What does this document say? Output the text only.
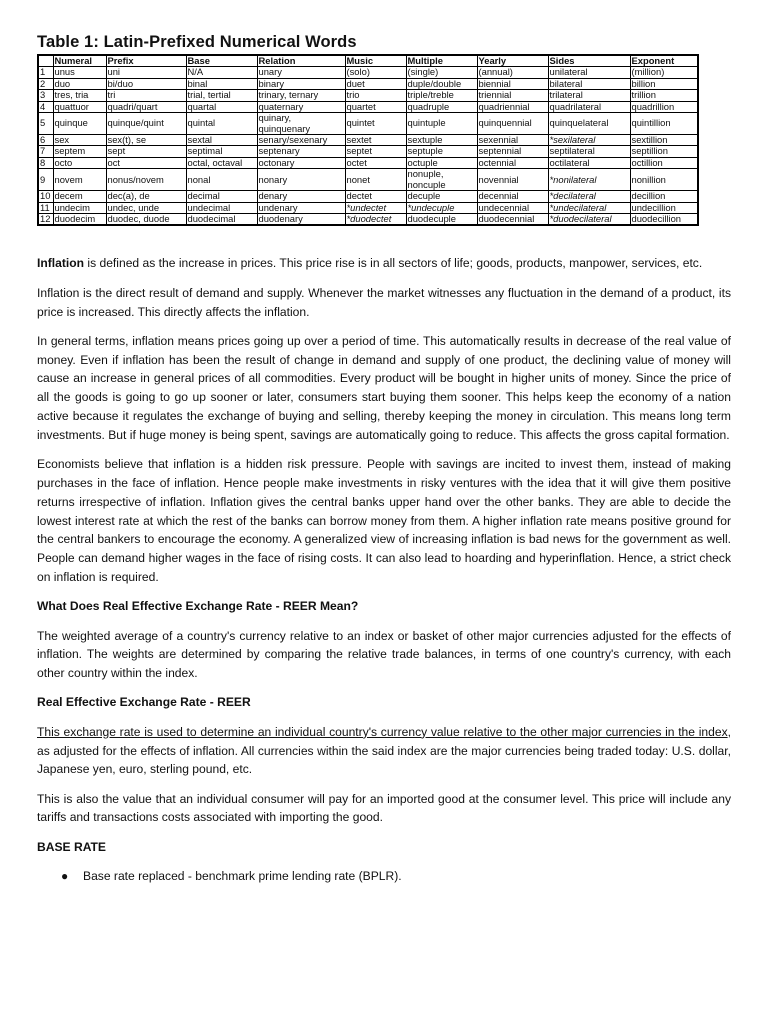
Table 1: Latin-Prefixed Numerical Words
	Numeral	Prefix	Base	Relation	Music	Multiple	Yearly	Sides	Exponent
1	unus	uni	N/A	unary	(solo)	(single)	(annual)	unilateral	(million)
2	duo	bi/duo	binal	binary	duet	duple/double	biennial	bilateral	billion
3	tres, tria	tri	trial, tertial	trinary, ternary	trio	triple/treble	triennial	trilateral	trillion
4	quattuor	quadri/quart	quartal	quaternary	quartet	quadruple	quadriennial	quadrilateral	quadrillion
5	quinque	quinque/quint	quintal	quinary, quinquenary	quintet	quintuple	quinquennial	quinquelateral	quintillion
6	sex	sex(t), se	sextal	senary/sexenary	sextet	sextuple	sexennial	*sexilateral	sextillion
7	septem	sept	septimal	septenary	septet	septuple	septennial	septilateral	septillion
8	octo	oct	octal, octaval	octonary	octet	octuple	octennial	octilateral	octillion
9	novem	nonus/novem	nonal	nonary	nonet	nonuple, noncuple	novennial	*nonilateral	nonillion
10	decem	dec(a), de	decimal	denary	dectet	decuple	decennial	*decilateral	decillion
11	undecim	undec, unde	undecimal	undenary	*undectet	*undecuple	undecennial	*undecilateral	undecillion
12	duodecim	duodec, duode	duodecimal	duodenary	*duodectet	duodecuple	duodecennial	*duodecilateral	duodecillion

Inflation is defined as the increase in prices. This price rise is in all sectors of life; goods, products, manpower, services, etc.

Inflation is the direct result of demand and supply. Whenever the market witnesses any fluctuation in the demand of a product, its price is increased. This directly affects the inflation.

In general terms, inflation means prices going up over a period of time. This automatically results in decrease of the real value of money. Even if inflation has been the result of change in demand and supply of one product, the declining value of money will cause an increase in general prices of all commodities. Every product will be bought in higher units of money. Since the price of all the goods is going to go up sooner or later, consumers start buying them sooner. This helps keep the economy of a nation active because it regulates the exchange of buying and selling, thereby keeping the money in circulation. This means long term investments. But if huge money is being spent, savings are automatically going to reduce. This affects the gross capital formation.

Economists believe that inflation is a hidden risk pressure. People with savings are incited to invest them, instead of making purchases in the face of inflation. Hence people make investments in risky ventures with the idea that it will give them positive returns irrespective of inflation. Inflation gives the central banks upper hand over the other banks. They are able to decide the lowest interest rate at which the rest of the banks can borrow money from them. A higher inflation rate means positive ground for the central bankers to encourage the economy. A generalized view of increasing inflation is bad news for the government as well. People can demand higher wages in the face of rising costs. It can also lead to hoarding and hyperinflation. Hence, a strict check on inflation is required.

What Does Real Effective Exchange Rate - REER Mean?

The weighted average of a country's currency relative to an index or basket of other major currencies adjusted for the effects of inflation. The weights are determined by comparing the relative trade balances, in terms of one country's currency, with each other country within the index.

Real Effective Exchange Rate - REER

This exchange rate is used to determine an individual country's currency value relative to the other major currencies in the index, as adjusted for the effects of inflation. All currencies within the said index are the major currencies being traded today: U.S. dollar, Japanese yen, euro, sterling pound, etc.

This is also the value that an individual consumer will pay for an imported good at the consumer level. This price will include any tariffs and transactions costs associated with importing the good.

BASE RATE

● Base rate replaced - benchmark prime lending rate (BPLR).
